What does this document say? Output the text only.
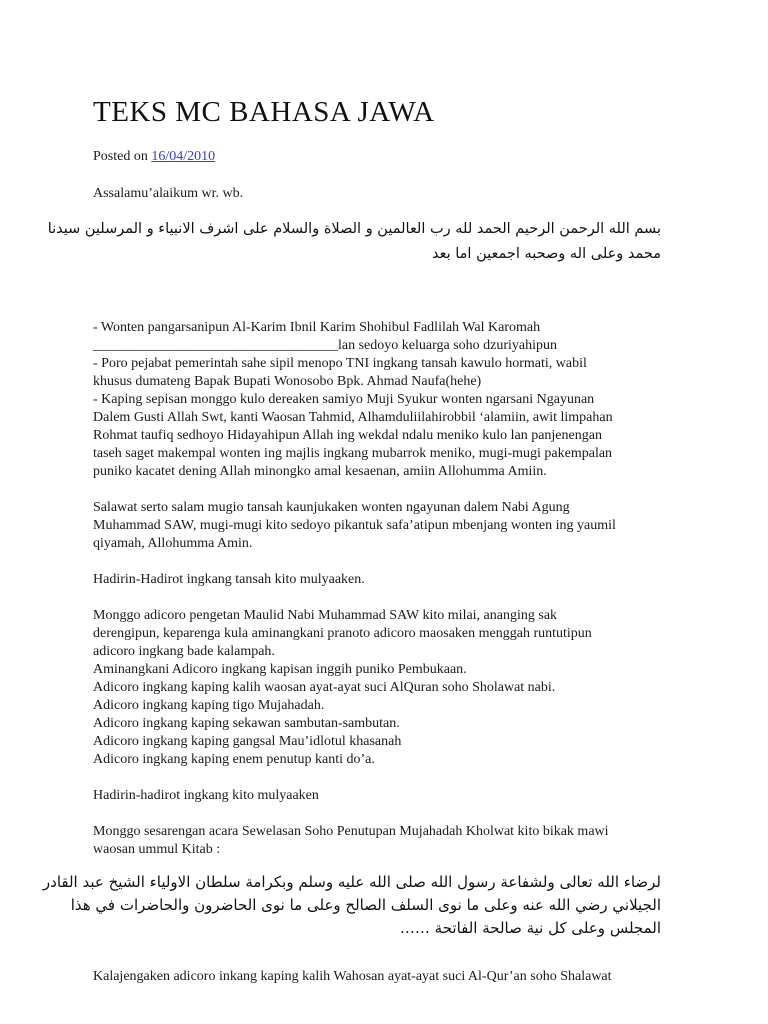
TEKS MC BAHASA JAWA
Posted on 16/04/2010

Assalamu’alaikum wr. wb.

بسم الله الرحمن الرحيم الحمد لله رب العالمين و الصلاة والسلام على اشرف الانبياء و المرسلين سيدنا
محمد وعلى اله وصحبه اجمعين اما بعد
- Wonten pangarsanipun Al-Karim Ibnil Karim Shohibul Fadlilah Wal Karomah
___________________________________lan sedoyo keluarga soho dzuriyahipun
- Poro pejabat pemerintah sahe sipil menopo TNI ingkang tansah kawulo hormati, wabil
khusus dumateng Bapak Bupati Wonosobo Bpk. Ahmad Naufa(hehe)
- Kaping sepisan monggo kulo dereaken samiyo Muji Syukur wonten ngarsani Ngayunan
Dalem Gusti Allah Swt, kanti Waosan Tahmid, Alhamduliilahirobbil ‘alamiin, awit limpahan
Rohmat taufiq sedhoyo Hidayahipun Allah ing wekdal ndalu meniko kulo lan panjenengan
taseh saget makempal wonten ing majlis ingkang mubarrok meniko, mugi-mugi pakempalan
puniko kacatet dening Allah minongko amal kesaenan, amiin Allohumma Amiin.
Salawat serto salam mugio tansah kaunjukaken wonten ngayunan dalem Nabi Agung
Muhammad SAW, mugi-mugi kito sedoyo pikantuk safa’atipun mbenjang wonten ing yaumil
qiyamah, Allohumma Amin.

Hadirin-Hadirot ingkang tansah kito mulyaaken.

Monggo adicoro pengetan Maulid Nabi Muhammad SAW kito milai, ananging sak
derengipun, keparenga kula aminangkani pranoto adicoro maosaken menggah runtutipun
adicoro ingkang bade kalampah.
Aminangkani Adicoro ingkang kapisan inggih puniko Pembukaan.
Adicoro ingkang kaping kalih waosan ayat-ayat suci AlQuran soho Sholawat nabi.
Adicoro ingkang kaping tigo Mujahadah.
Adicoro ingkang kaping sekawan sambutan-sambutan.
Adicoro ingkang kaping gangsal Mau’idlotul khasanah
Adicoro ingkang kaping enem penutup kanti do’a.

Hadirin-hadirot ingkang kito mulyaaken

Monggo sesarengan acara Sewelasan Soho Penutupan Mujahadah Kholwat kito bikak mawi
waosan ummul Kitab :
لرضاء الله تعالى ولشفاعة رسول الله صلى الله عليه وسلم وبكرامة سلطان الاولياء الشيخ عبد القادر
الجيلاني رضي الله عنه وعلى ما نوى السلف الصالح وعلى ما نوى الحاضرون والحاضرات في هذا
المجلس وعلى كل نية صالحة الفاتحة ……

Kalajengaken adicoro inkang kaping kalih Wahosan ayat-ayat suci Al-Qur’an soho Shalawat
